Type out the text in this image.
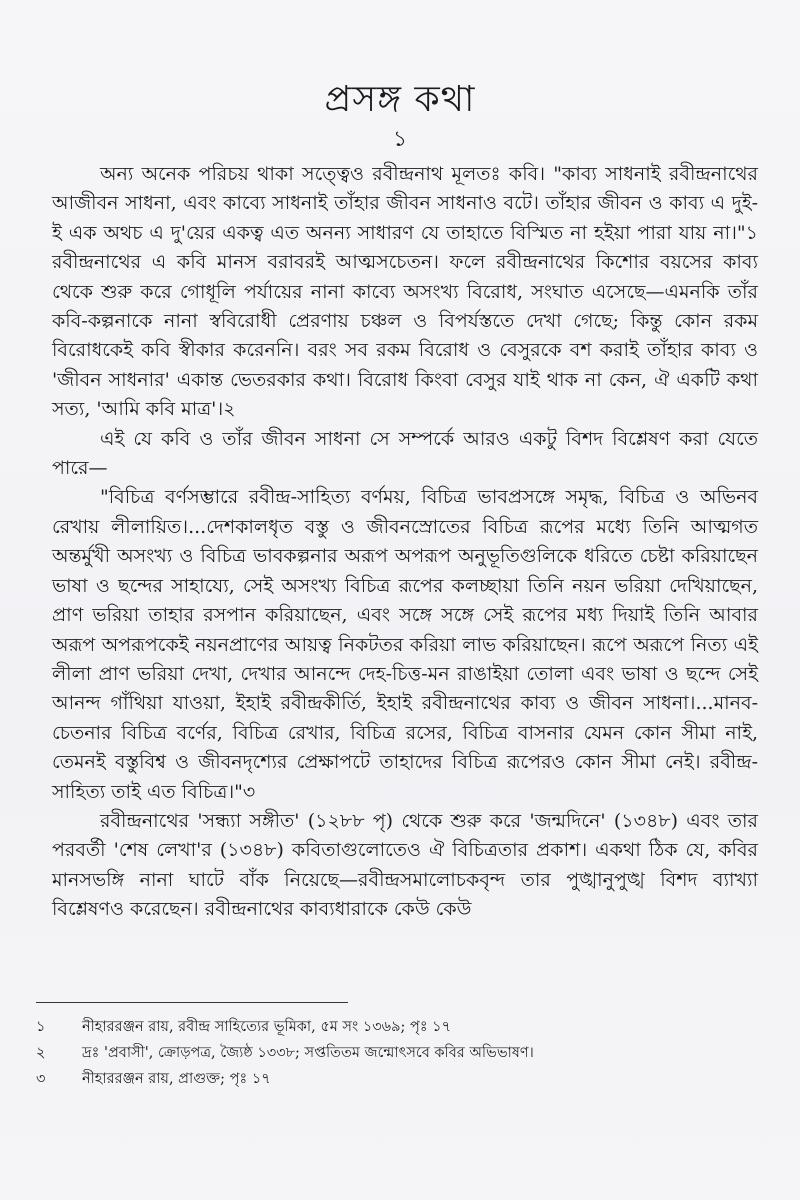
প্রসঙ্গ কথা
১

অন্য অনেক পরিচয় থাকা সত্ত্বেও রবীন্দ্রনাথ মূলতঃ কবি। "কাব্য সাধনাই রবীন্দ্রনাথের আজীবন সাধনা, এবং কাব্যে সাধনাই তাঁহার জীবন সাধনাও বটে। তাঁহার জীবন ও কাব্য এ দুই-ই এক অথচ এ দু'য়ের একত্ব এত অনন্য সাধারণ যে তাহাতে বিস্মিত না হইয়া পারা যায় না।"১ রবীন্দ্রনাথের এ কবি মানস বরাবরই আত্মসচেতন। ফলে রবীন্দ্রনাথের কিশোর বয়সের কাব্য থেকে শুরু করে গোধূলি পর্যায়ের নানা কাব্যে অসংখ্য বিরোধ, সংঘাত এসেছে—এমনকি তাঁর কবি-কল্পনাকে নানা স্ববিরোধী প্রেরণায় চঞ্চল ও বিপর্যস্ততে দেখা গেছে; কিন্তু কোন রকম বিরোধকেই কবি স্বীকার করেননি। বরং সব রকম বিরোধ ও বেসুরকে বশ করাই তাঁহার কাব্য ও 'জীবন সাধনার' একান্ত ভেতরকার কথা। বিরোধ কিংবা বেসুর যাই থাক না কেন, ঐ একটি কথা সত্য, 'আমি কবি মাত্র'।২

এই যে কবি ও তাঁর জীবন সাধনা সে সম্পর্কে আরও একটু বিশদ বিশ্লেষণ করা যেতে পারে—

"বিচিত্র বর্ণসম্ভারে রবীন্দ্র-সাহিত্য বর্ণময়, বিচিত্র ভাবপ্রসঙ্গে সমৃদ্ধ, বিচিত্র ও অভিনব রেখায় লীলায়িত।...দেশকালধৃত বস্তু ও জীবনস্রোতের বিচিত্র রূপের মধ্যে তিনি আত্মগত অন্তর্মুখী অসংখ্য ও বিচিত্র ভাবকল্পনার অরূপ অপরূপ অনুভূতিগুলিকে ধরিতে চেষ্টা করিয়াছেন ভাষা ও ছন্দের সাহায্যে, সেই অসংখ্য বিচিত্র রূপের কলচ্ছায়া তিনি নয়ন ভরিয়া দেখিয়াছেন, প্রাণ ভরিয়া তাহার রসপান করিয়াছেন, এবং সঙ্গে সঙ্গে সেই রূপের মধ্য দিয়াই তিনি আবার অরূপ অপরূপকেই নয়নপ্রাণের আয়ত্ব নিকটতর করিয়া লাভ করিয়াছেন। রূপে অরূপে নিত্য এই লীলা প্রাণ ভরিয়া দেখা, দেখার আনন্দে দেহ-চিত্ত-মন রাঙাইয়া তোলা এবং ভাষা ও ছন্দে সেই আনন্দ গাঁথিয়া যাওয়া, ইহাই রবীন্দ্রকীর্তি, ইহাই রবীন্দ্রনাথের কাব্য ও জীবন সাধনা।...মানব-চেতনার বিচিত্র বর্ণের, বিচিত্র রেখার, বিচিত্র রসের, বিচিত্র বাসনার যেমন কোন সীমা নাই, তেমনই বস্তুবিশ্ব ও জীবনদৃশ্যের প্রেক্ষাপটে তাহাদের বিচিত্র রূপেরও কোন সীমা নেই। রবীন্দ্র-সাহিত্য তাই এত বিচিত্র।"৩

রবীন্দ্রনাথের 'সন্ধ্যা সঙ্গীত' (১২৮৮ পৃ) থেকে শুরু করে 'জন্মদিনে' (১৩৪৮) এবং তার পরবর্তী 'শেষ লেখা'র (১৩৪৮) কবিতাগুলোতেও ঐ বিচিত্রতার প্রকাশ। একথা ঠিক যে, কবির মানসভঙ্গি নানা ঘাটে বাঁক নিয়েছে—রবীন্দ্রসমালোচকবৃন্দ তার পুঙ্খানুপুঙ্খ বিশদ ব্যাখ্যা বিশ্লেষণও করেছেন। রবীন্দ্রনাথের কাব্যধারাকে কেউ কেউ

১	নীহাররঞ্জন রায়, রবীন্দ্র সাহিত্যের ভূমিকা, ৫ম সং ১৩৬৯; পৃঃ ১৭
২	দ্রঃ 'প্রবাসী', ক্রোড়পত্র, জ্যৈষ্ঠ ১৩৩৮; সপ্ততিতম জন্মোৎসবে কবির অভিভাষণ।
৩	নীহাররঞ্জন রায়, প্রাগুক্ত; পৃঃ ১৭
